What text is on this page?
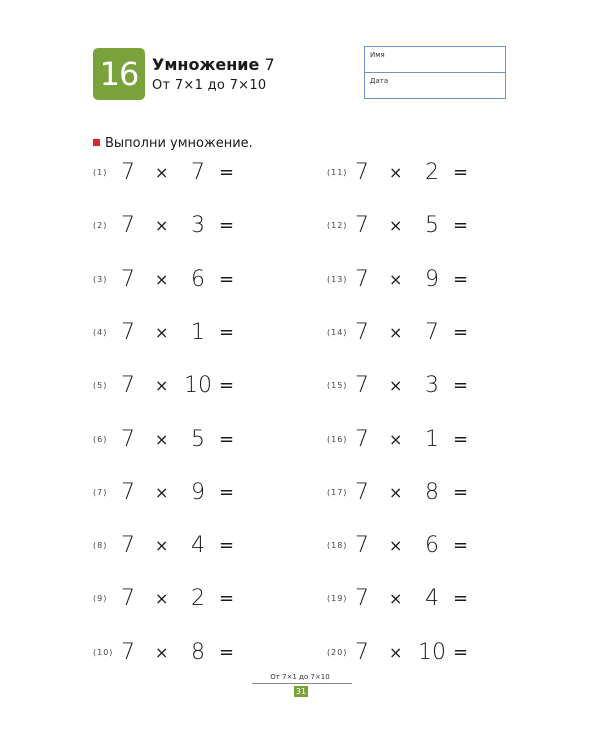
16 Умножение 7
От 7×1 до 7×10
Имя
Дата
Выполни умножение.
(1) 7 ×	7 =
(2) 7 ×	3 =
(3) 7 ×	6 =
(4) 7 ×	1 =
(5) 7 × 10 =
(6) 7 ×	5 =
(7) 7 ×	9 =
(8) 7 ×	4 =
(9) 7 ×	2 =
(10) 7 ×	8 =
(11) 7 ×	2 =
(12) 7 ×	5 =
(13) 7 ×	9 =
(14) 7 ×	7 =
(15) 7 ×	3 =
(16) 7 ×	1 =
(17) 7 ×	8 =
(18) 7 ×	6 =
(19) 7 ×	4 =
(20) 7 × 10 =
От 7×1 до 7×10
31
